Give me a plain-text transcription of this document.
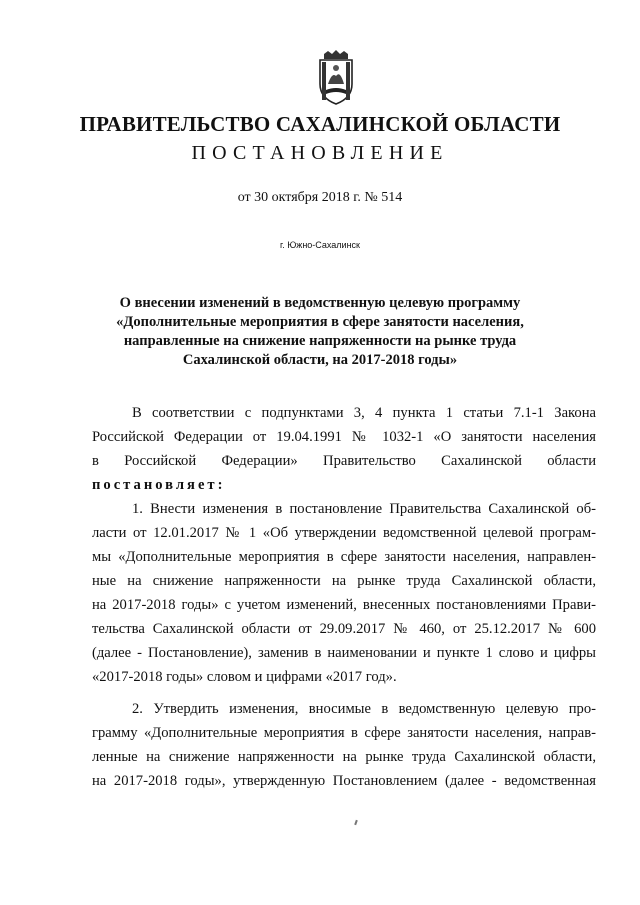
ПРАВИТЕЛЬСТВО САХАЛИНСКОЙ ОБЛАСТИ
ПОСТАНОВЛЕНИЕ
от 30 октября 2018 г. № 514
г. Южно-Сахалинск
О внесении изменений в ведомственную целевую программу
«Дополнительные мероприятия в сфере занятости населения,
направленные на снижение напряженности на рынке труда
Сахалинской области, на 2017-2018 годы»
В соответствии с подпунктами 3, 4 пункта 1 статьи 7.1-1 Закона
Российской Федерации от 19.04.1991 № 1032-1 «О занятости населения
в Российской Федерации» Правительство Сахалинской области
постановляет:
1. Внести изменения в постановление Правительства Сахалинской об-
ласти от 12.01.2017 № 1 «Об утверждении ведомственной целевой програм-
мы «Дополнительные мероприятия в сфере занятости населения, направлен-
ные на снижение напряженности на рынке труда Сахалинской области,
на 2017-2018 годы» с учетом изменений, внесенных постановлениями Прави-
тельства Сахалинской области от 29.09.2017 № 460, от 25.12.2017 № 600
(далее - Постановление), заменив в наименовании и пункте 1 слово и цифры
«2017-2018 годы» словом и цифрами «2017 год».
2. Утвердить изменения, вносимые в ведомственную целевую про-
грамму «Дополнительные мероприятия в сфере занятости населения, направ-
ленные на снижение напряженности на рынке труда Сахалинской области,
на 2017-2018 годы», утвержденную Постановлением (далее - ведомственная
